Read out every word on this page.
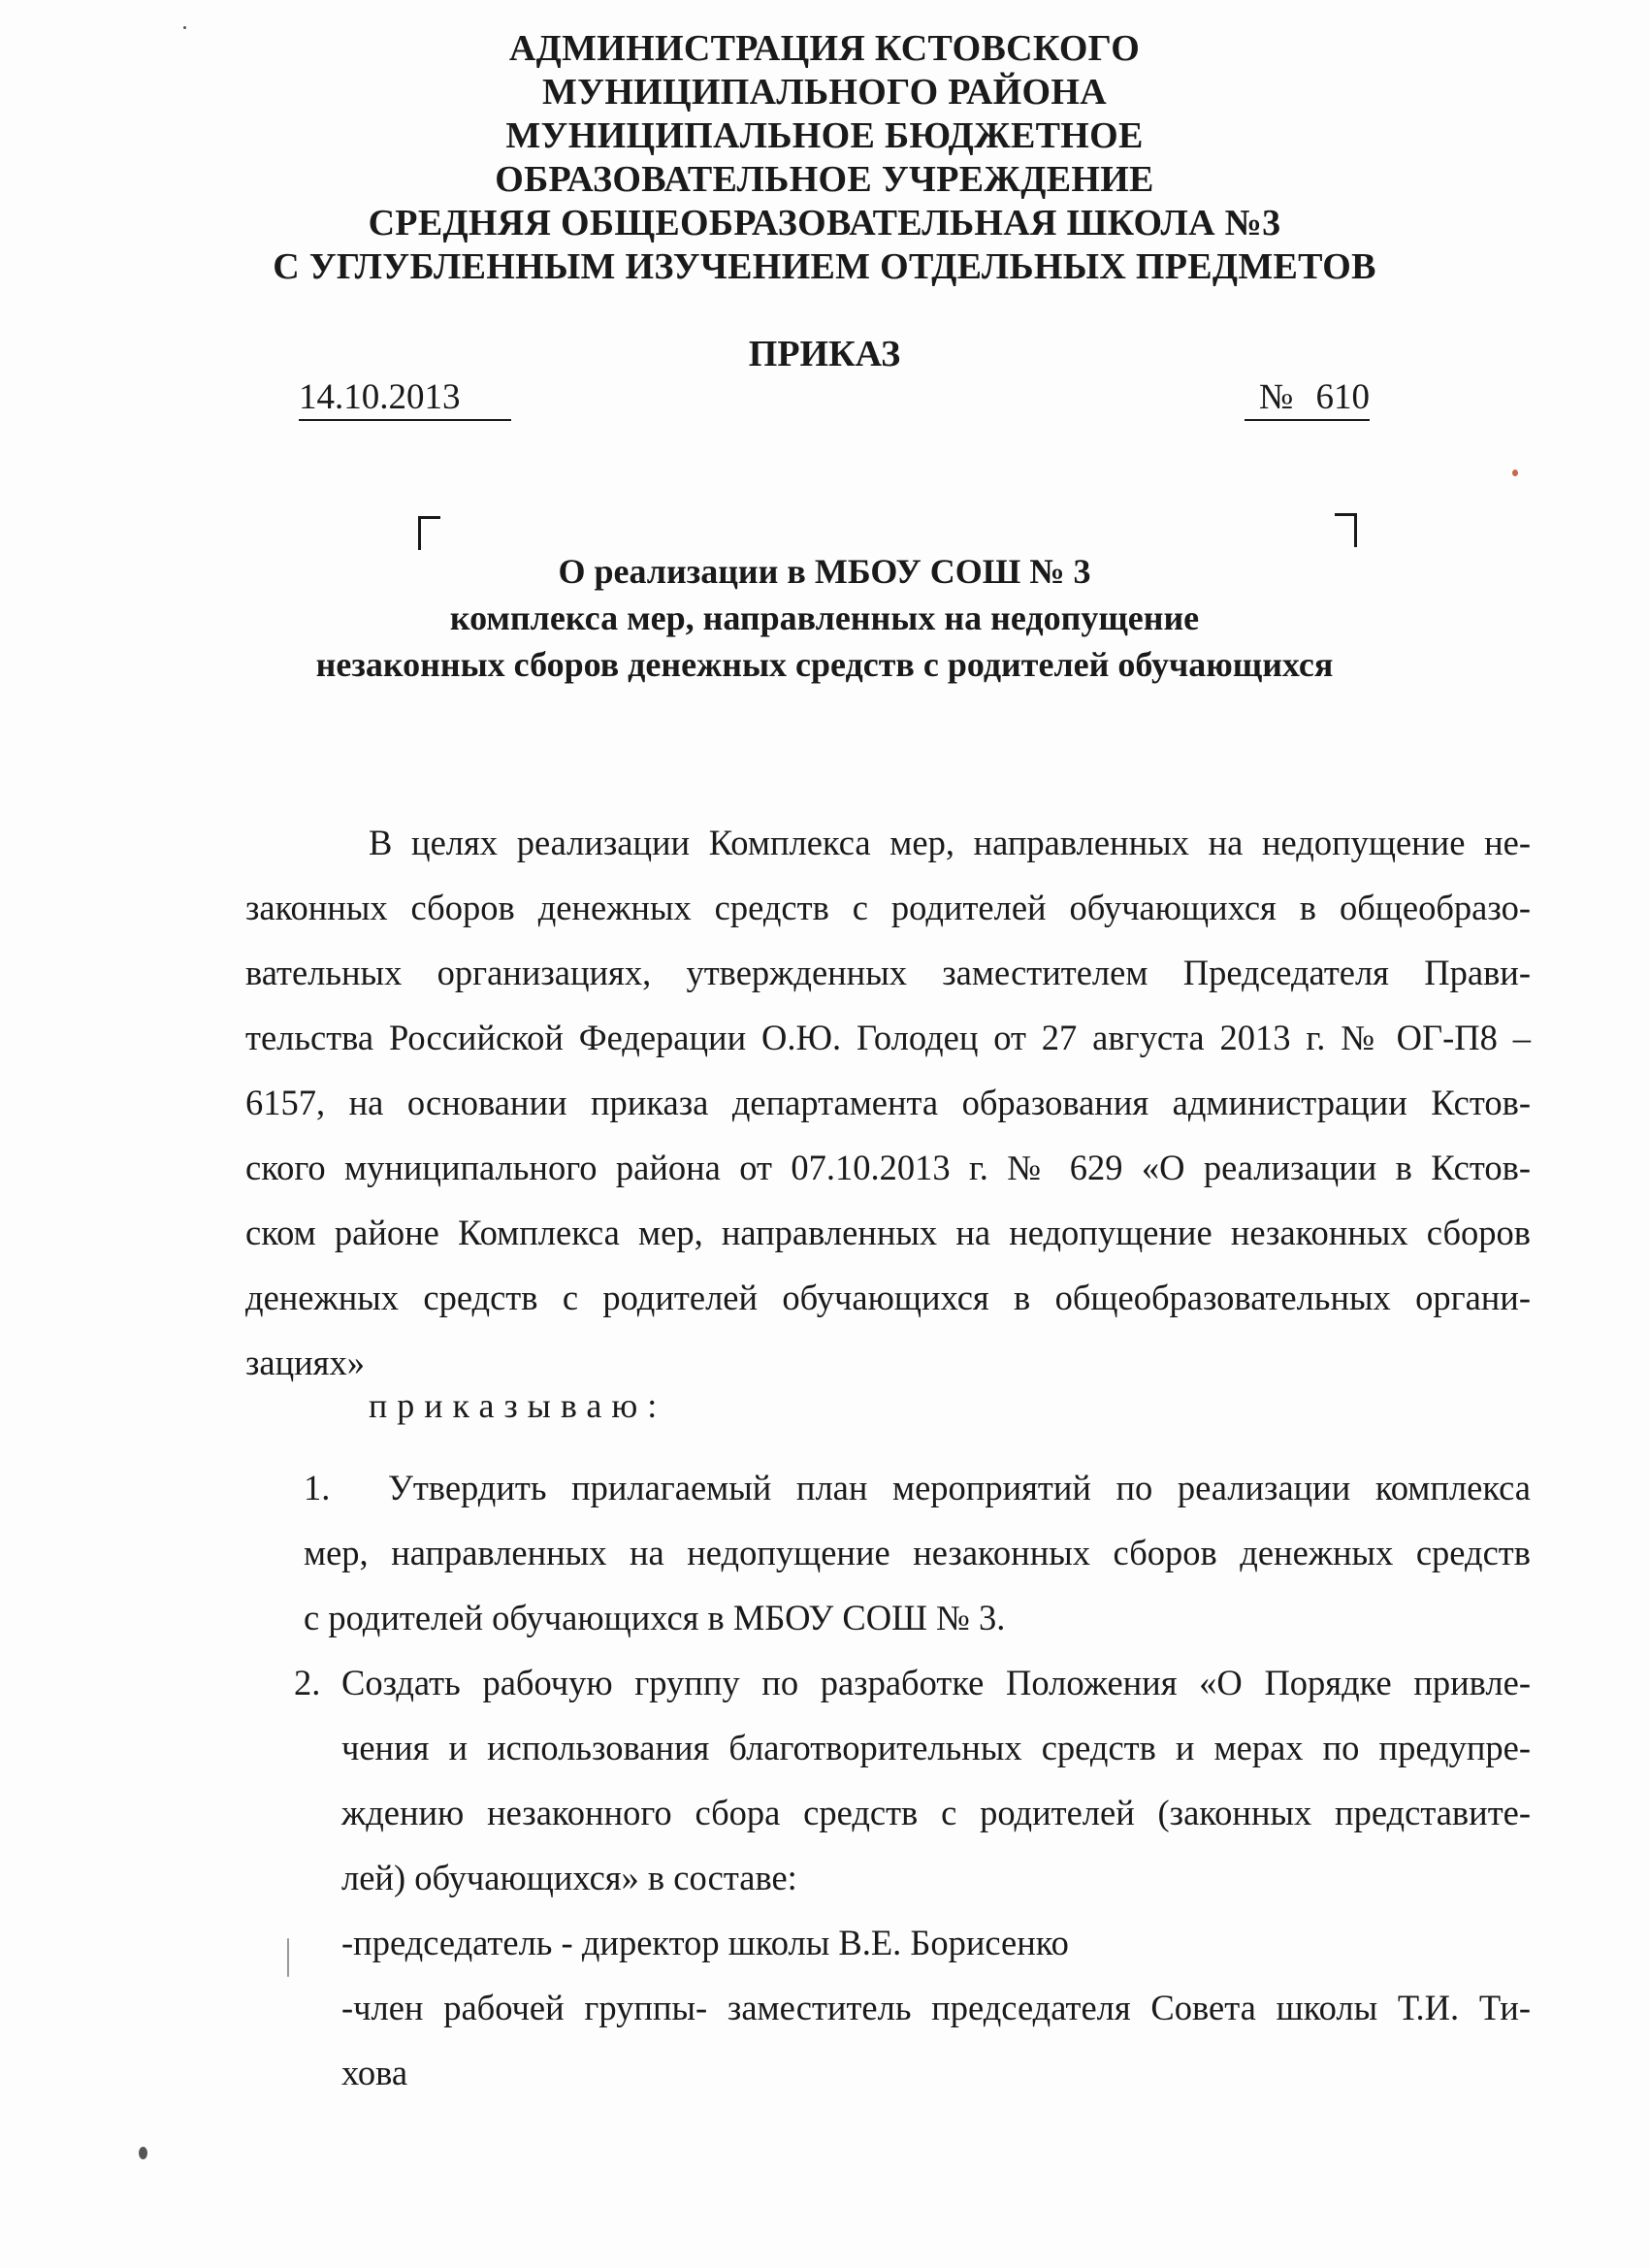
АДМИНИСТРАЦИЯ КСТОВСКОГО
МУНИЦИПАЛЬНОГО РАЙОНА
МУНИЦИПАЛЬНОЕ БЮДЖЕТНОЕ
ОБРАЗОВАТЕЛЬНОЕ УЧРЕЖДЕНИЕ
СРЕДНЯЯ ОБЩЕОБРАЗОВАТЕЛЬНАЯ ШКОЛА №3
С УГЛУБЛЕННЫМ ИЗУЧЕНИЕМ ОТДЕЛЬНЫХ ПРЕДМЕТОВ
ПРИКАЗ
14.10.2013	№ 610
О реализации в МБОУ СОШ № 3
комплекса мер, направленных на недопущение
незаконных сборов денежных средств с родителей обучающихся
В целях реализации Комплекса мер, направленных на недопущение не-
законных сборов денежных средств с родителей обучающихся в общеобразо-
вательных организациях, утвержденных заместителем Председателя Прави-
тельства Российской Федерации О.Ю. Голодец от 27 августа 2013 г. № ОГ-П8 –
6157, на основании приказа департамента образования администрации Кстов-
ского муниципального района от 07.10.2013 г. № 629 «О реализации в Кстов-
ском районе Комплекса мер, направленных на недопущение незаконных сборов
денежных средств с родителей обучающихся в общеобразовательных органи-
зациях»
приказываю:
1. Утвердить прилагаемый план мероприятий по реализации комплекса
мер, направленных на недопущение незаконных сборов денежных средств
с родителей обучающихся в МБОУ СОШ № 3.
2. Создать рабочую группу по разработке Положения «О Порядке привле-
чения и использования благотворительных средств и мерах по предупре-
ждению незаконного сбора средств с родителей (законных представите-
лей) обучающихся» в составе:
-председатель - директор школы В.Е. Борисенко
-член рабочей группы- заместитель председателя Совета школы Т.И. Ти-
хова
